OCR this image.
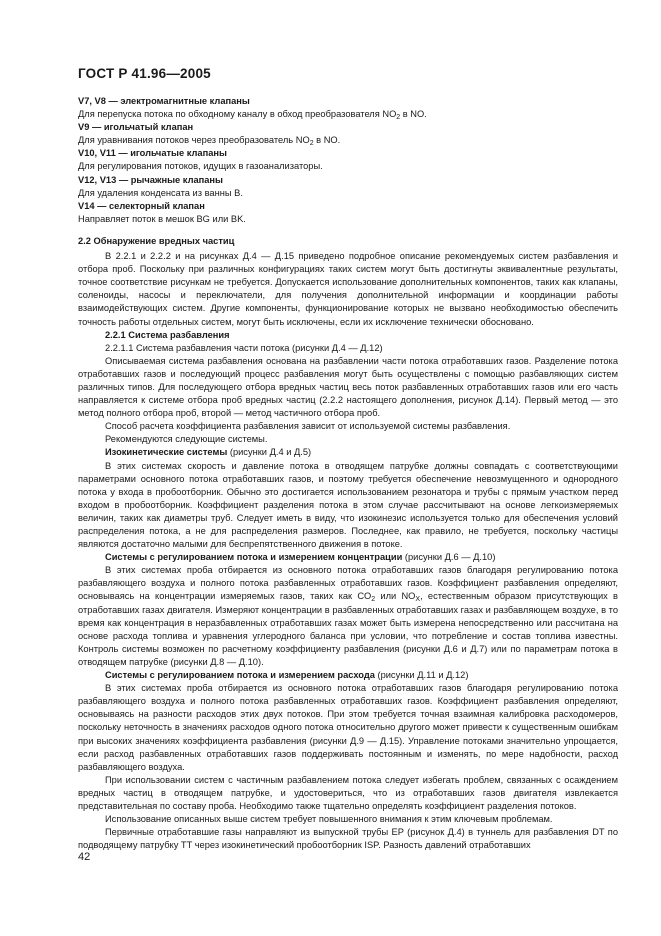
ГОСТ Р 41.96—2005

V7, V8 — электромагнитные клапаны

Для перепуска потока по обходному каналу в обход преобразователя $NO_2$ в NO.

V9 — игольчатый клапан

Для уравнивания потоков через преобразователь $NO_2$ в NO.

V10, V11 — игольчатые клапаны

Для регулирования потоков, идущих в газоанализаторы.

V12, V13 — рычажные клапаны

Для удаления конденсата из ванны В.

V14 — селекторный клапан

Направляет поток в мешок BG или BK.

2.2 Обнаружение вредных частиц

В 2.2.1 и 2.2.2 и на рисунках Д.4 — Д.15 приведено подробное описание рекомендуемых систем разбавления и отбора проб. Поскольку при различных конфигурациях таких систем могут быть достигнуты эквивалентные результаты, точное соответствие рисункам не требуется. Допускается использование дополнительных компонентов, таких как клапаны, соленоиды, насосы и переключатели, для получения дополнительной информации и координации работы взаимодействующих систем. Другие компоненты, функционирование которых не вызвано необходимостью обеспечить точность работы отдельных систем, могут быть исключены, если их исключение технически обосновано.

2.2.1 Система разбавления

2.2.1.1 Система разбавления части потока (рисунки Д.4 — Д.12)

Описываемая система разбавления основана на разбавлении части потока отработавших газов. Разделение потока отработавших газов и последующий процесс разбавления могут быть осуществлены с помощью разбавляющих систем различных типов. Для последующего отбора вредных частиц весь поток разбавленных отработавших газов или его часть направляется к системе отбора проб вредных частиц (2.2.2 настоящего дополнения, рисунок Д.14). Первый метод — это метод полного отбора проб, второй — метод частичного отбора проб.

Способ расчета коэффициента разбавления зависит от используемой системы разбавления.

Рекомендуются следующие системы.

Изокинетические системы (рисунки Д.4 и Д.5)

В этих системах скорость и давление потока в отводящем патрубке должны совпадать с соответствующими параметрами основного потока отработавших газов, и поэтому требуется обеспечение невозмущенного и однородного потока у входа в пробоотборник. Обычно это достигается использованием резонатора и трубы с прямым участком перед входом в пробоотборник. Коэффициент разделения потока в этом случае рассчитывают на основе легкоизмеряемых величин, таких как диаметры труб. Следует иметь в виду, что изокинезис используется только для обеспечения условий распределения потока, а не для распределения размеров. Последнее, как правило, не требуется, поскольку частицы являются достаточно малыми для беспрепятственного движения в потоке.

Системы с регулированием потока и измерением концентрации (рисунки Д.6 — Д.10)

В этих системах проба отбирается из основного потока отработавших газов благодаря регулированию потока разбавляющего воздуха и полного потока разбавленных отработавших газов. Коэффициент разбавления определяют, основываясь на концентрации измеряемых газов, таких как $CO_2$ или $NO_X$, естественным образом присутствующих в отработавших газах двигателя. Измеряют концентрации в разбавленных отработавших газах и разбавляющем воздухе, в то время как концентрация в неразбавленных отработавших газах может быть измерена непосредственно или рассчитана на основе расхода топлива и уравнения углеродного баланса при условии, что потребление и состав топлива известны. Контроль системы возможен по расчетному коэффициенту разбавления (рисунки Д.6 и Д.7) или по параметрам потока в отводящем патрубке (рисунки Д.8 — Д.10).

Системы с регулированием потока и измерением расхода (рисунки Д.11 и Д.12)

В этих системах проба отбирается из основного потока отработавших газов благодаря регулированию потока разбавляющего воздуха и полного потока разбавленных отработавших газов. Коэффициент разбавления определяют, основываясь на разности расходов этих двух потоков. При этом требуется точная взаимная калибровка расходомеров, поскольку неточность в значениях расходов одного потока относительно другого может привести к существенным ошибкам при высоких значениях коэффициента разбавления (рисунки Д.9 — Д.15). Управление потоками значительно упрощается, если расход разбавленных отработавших газов поддерживать постоянным и изменять, по мере надобности, расход разбавляющего воздуха.

При использовании систем с частичным разбавлением потока следует избегать проблем, связанных с осаждением вредных частиц в отводящем патрубке, и удостовериться, что из отработавших газов двигателя извлекается представительная по составу проба. Необходимо также тщательно определять коэффициент разделения потоков.

Использование описанных выше систем требует повышенного внимания к этим ключевым проблемам.

Первичные отработавшие газы направляют из выпускной трубы EP (рисунок Д.4) в туннель для разбавления DT по подводящему патрубку TT через изокинетический пробоотборник ISP. Разность давлений отработавших

42
